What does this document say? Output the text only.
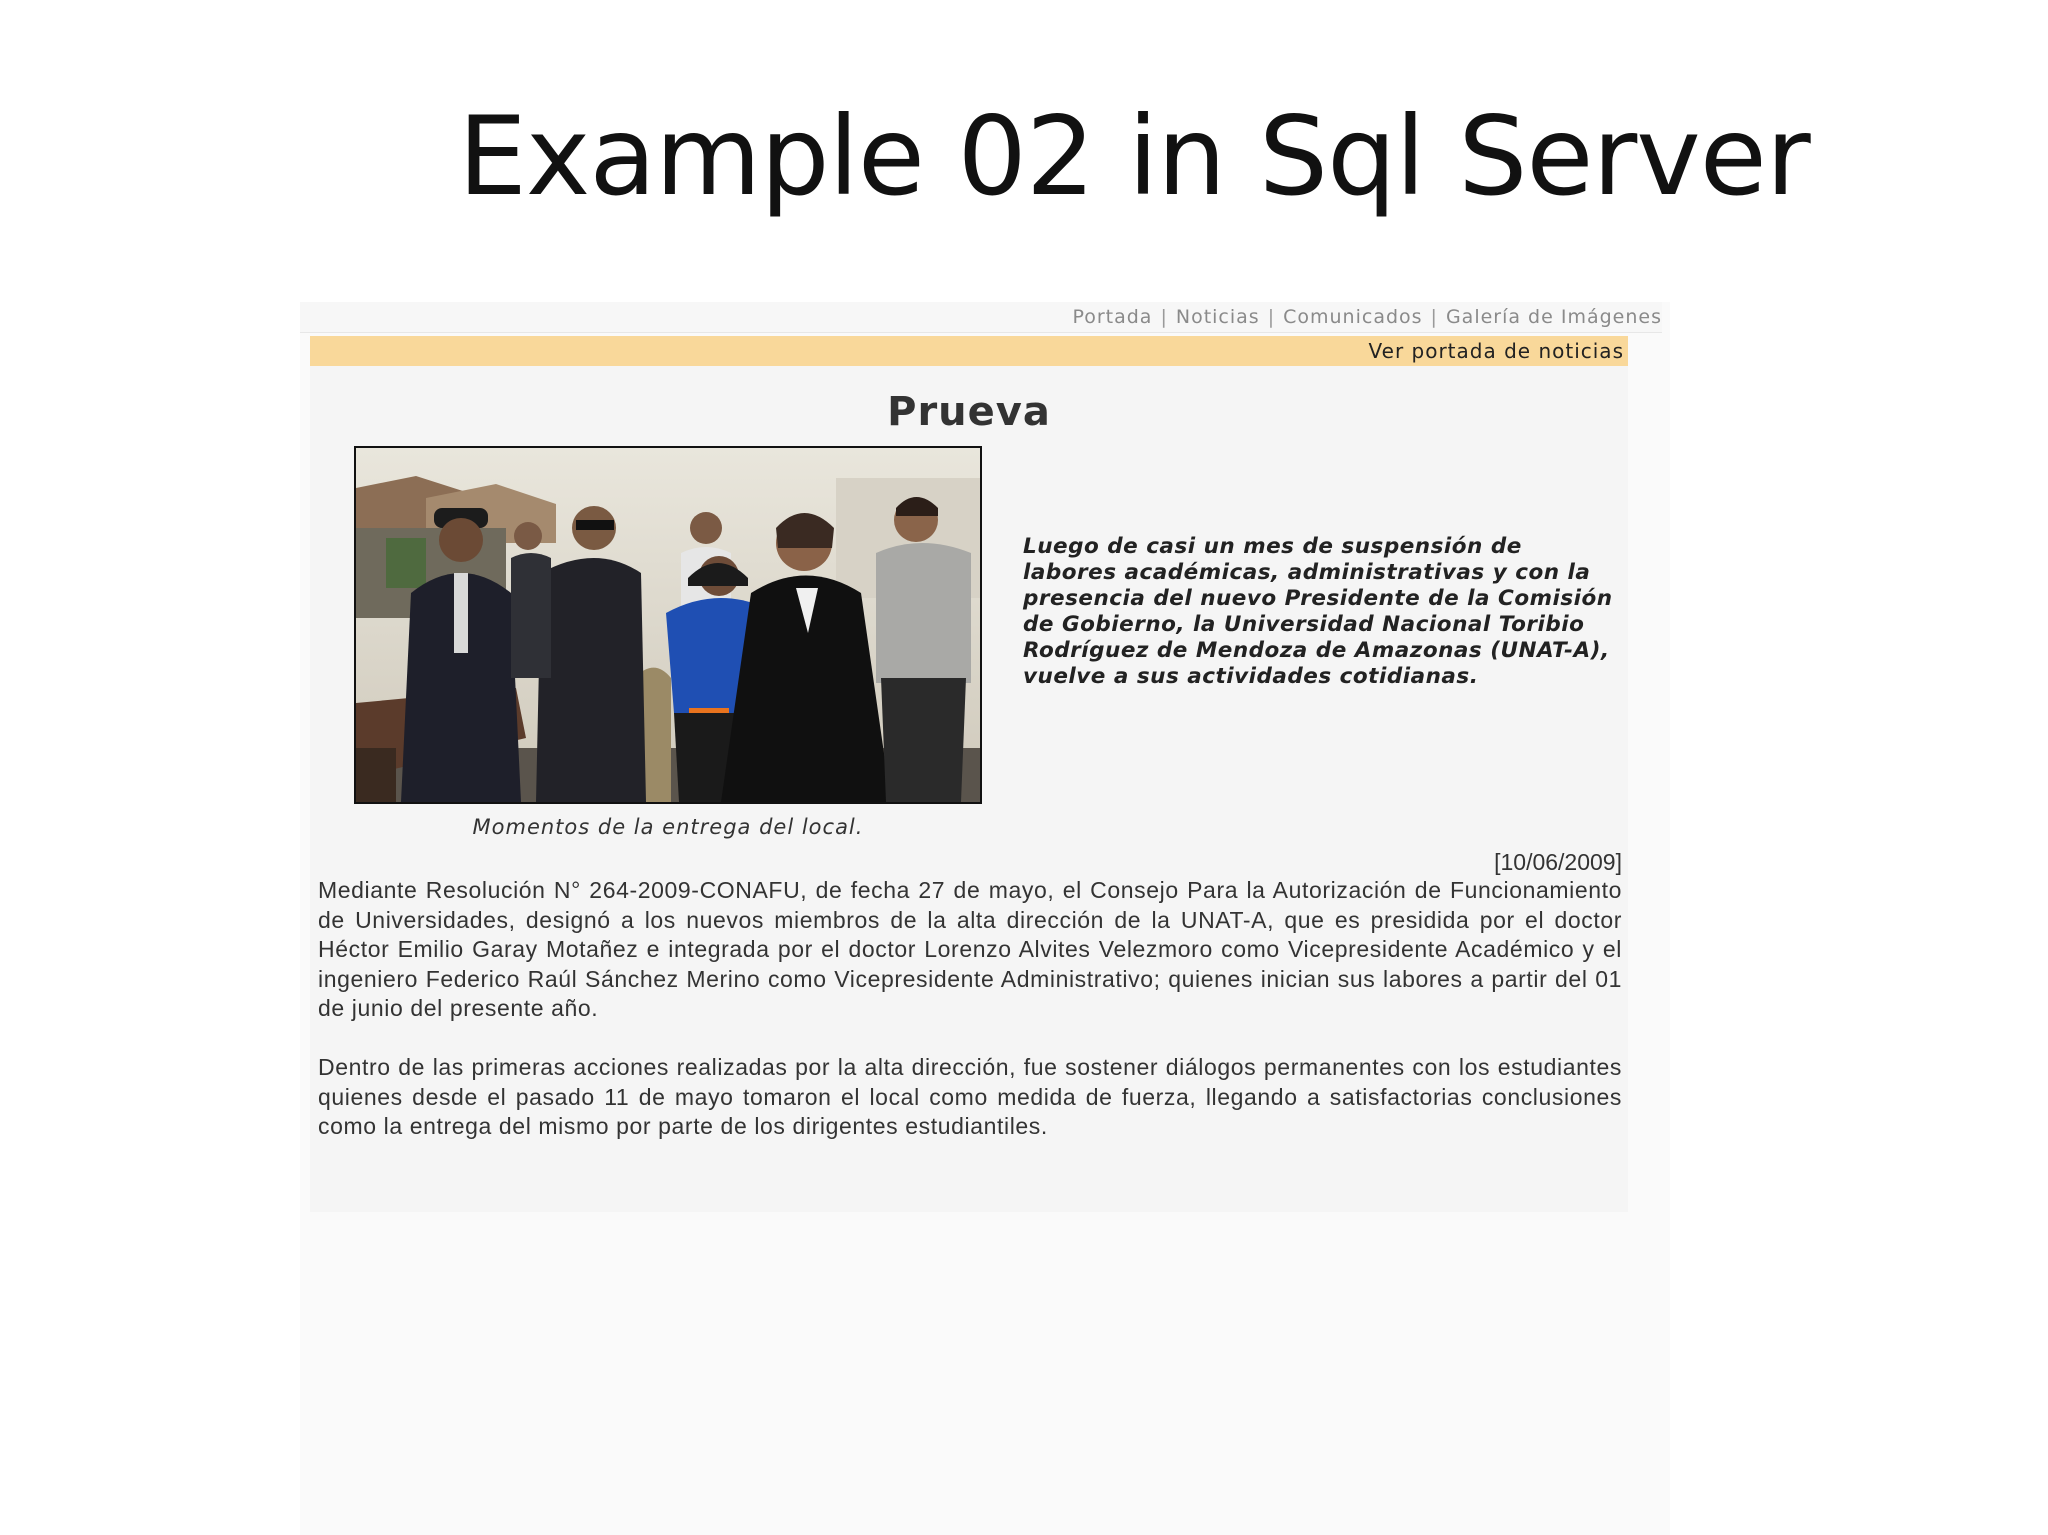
Example 02 in Sql Server
Portada | Noticias | Comunicados | Galería de Imágenes
Ver portada de noticias
Prueva
Momentos de la entrega del local.
Luego de casi un mes de suspensión de labores académicas, administrativas y con la presencia del nuevo Presidente de la Comisión de Gobierno, la Universidad Nacional Toribio Rodríguez de Mendoza de Amazonas (UNAT-A), vuelve a sus actividades cotidianas.
[10/06/2009]

Mediante Resolución N° 264-2009-CONAFU, de fecha 27 de mayo, el Consejo Para la Autorización de Funcionamiento de Universidades, designó a los nuevos miembros de la alta dirección de la UNAT-A, que es presidida por el doctor Héctor Emilio Garay Motañez e integrada por el doctor Lorenzo Alvites Velezmoro como Vicepresidente Académico y el ingeniero Federico Raúl Sánchez Merino como Vicepresidente Administrativo; quienes inician sus labores a partir del 01 de junio del presente año.

Dentro de las primeras acciones realizadas por la alta dirección, fue sostener diálogos permanentes con los estudiantes quienes desde el pasado 11 de mayo tomaron el local como medida de fuerza, llegando a satisfactorias conclusiones como la entrega del mismo por parte de los dirigentes estudiantiles.
